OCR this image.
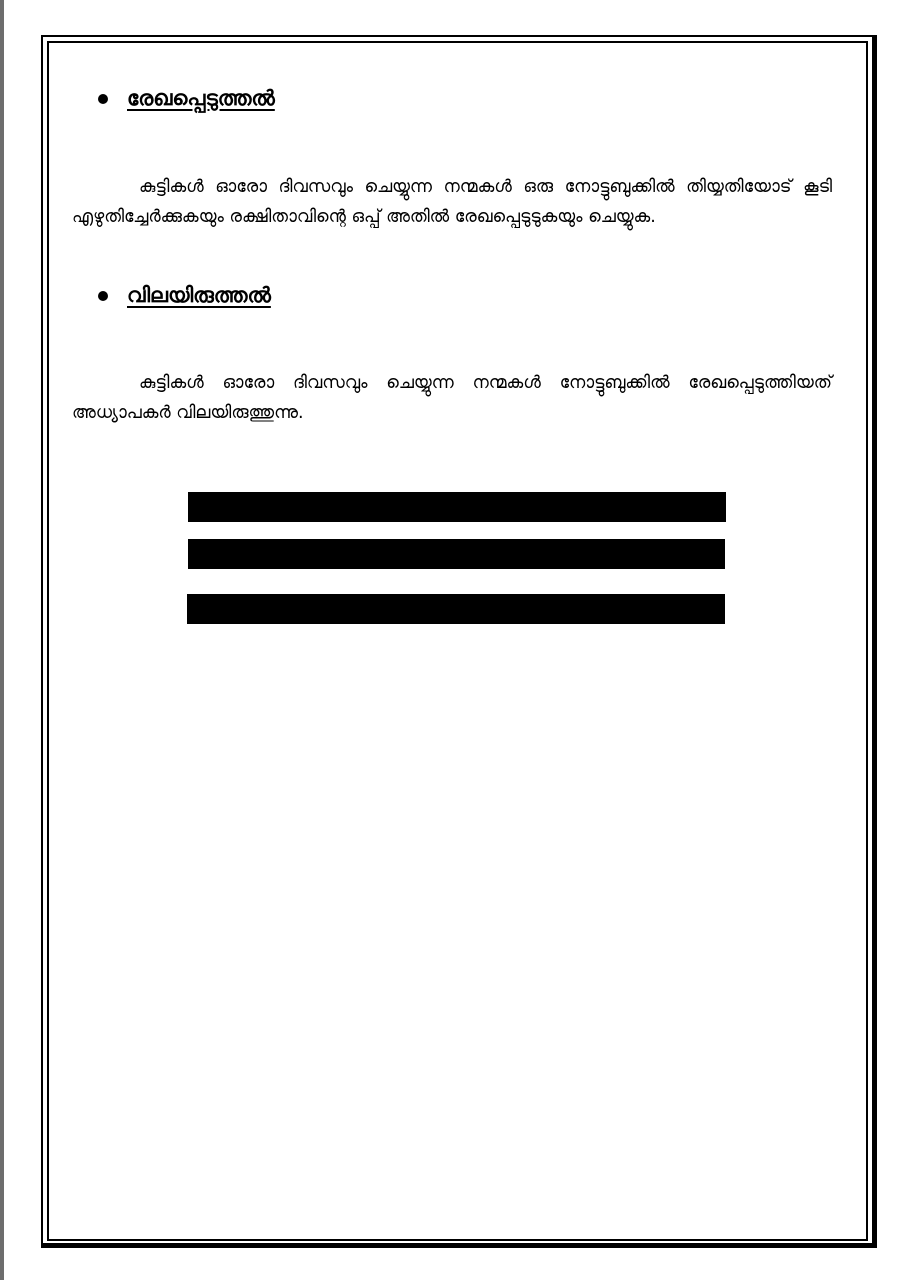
രേഖപ്പെടുത്തൽ

കുട്ടികൾ ഓരോ ദിവസവും ചെയ്യുന്ന നന്മകൾ ഒരു നോട്ടുബുക്കിൽ തിയ്യതിയോട് കൂടി എഴുതിച്ചേർക്കുകയും രക്ഷിതാവിന്റെ ഒപ്പ് അതിൽ രേഖപ്പെടുടുകയും ചെയ്യുക.

വിലയിരുത്തൽ

കുട്ടികൾ ഓരോ ദിവസവും ചെയ്യുന്ന നന്മകൾ നോട്ടുബുക്കിൽ രേഖപ്പെടുത്തിയത് അധ്യാപകർ വിലയിരുത്തുന്നു.
